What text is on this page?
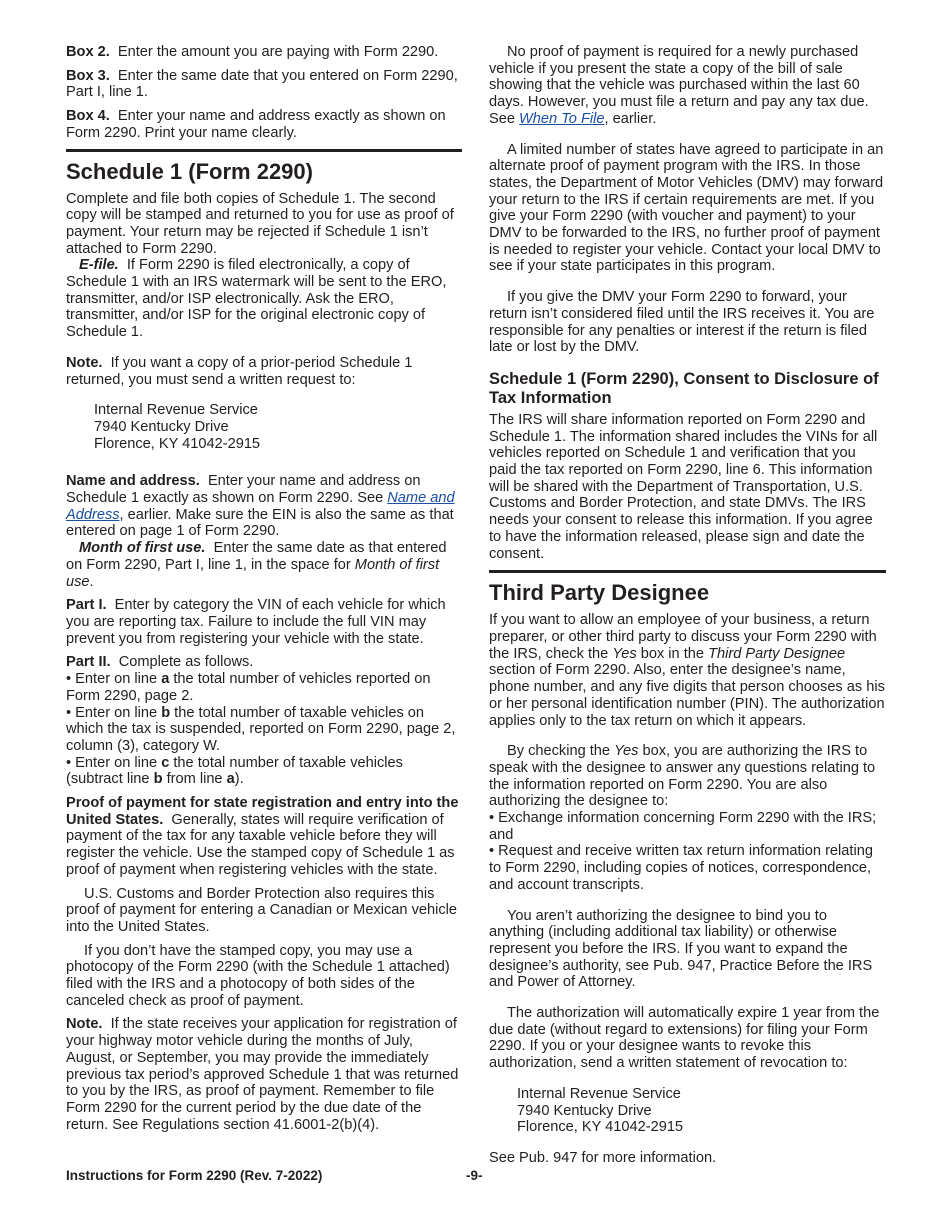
Box 2. Enter the amount you are paying with Form 2290.

Box 3. Enter the same date that you entered on Form 2290, Part I, line 1.

Box 4. Enter your name and address exactly as shown on Form 2290. Print your name clearly.

Schedule 1 (Form 2290)

Complete and file both copies of Schedule 1. The second copy will be stamped and returned to you for use as proof of payment. Your return may be rejected if Schedule 1 isn’t attached to Form 2290.

E-file. If Form 2290 is filed electronically, a copy of Schedule 1 with an IRS watermark will be sent to the ERO, transmitter, and/or ISP electronically. Ask the ERO, transmitter, and/or ISP for the original electronic copy of Schedule 1.

Note. If you want a copy of a prior-period Schedule 1 returned, you must send a written request to:

Internal Revenue Service

7940 Kentucky Drive

Florence, KY 41042-2915

Name and address. Enter your name and address on Schedule 1 exactly as shown on Form 2290. See Name and Address, earlier. Make sure the EIN is also the same as that entered on page 1 of Form 2290.

Month of first use. Enter the same date as that entered on Form 2290, Part I, line 1, in the space for Month of first use.

Part I. Enter by category the VIN of each vehicle for which you are reporting tax. Failure to include the full VIN may prevent you from registering your vehicle with the state.

Part II. Complete as follows.

• Enter on line a the total number of vehicles reported on Form 2290, page 2.

• Enter on line b the total number of taxable vehicles on which the tax is suspended, reported on Form 2290, page 2, column (3), category W.

• Enter on line c the total number of taxable vehicles (subtract line b from line a).

Proof of payment for state registration and entry into the United States. Generally, states will require verification of payment of the tax for any taxable vehicle before they will register the vehicle. Use the stamped copy of Schedule 1 as proof of payment when registering vehicles with the state.

U.S. Customs and Border Protection also requires this proof of payment for entering a Canadian or Mexican vehicle into the United States.

If you don’t have the stamped copy, you may use a photocopy of the Form 2290 (with the Schedule 1 attached) filed with the IRS and a photocopy of both sides of the canceled check as proof of payment.

Note. If the state receives your application for registration of your highway motor vehicle during the months of July, August, or September, you may provide the immediately previous tax period’s approved Schedule 1 that was returned to you by the IRS, as proof of payment. Remember to file Form 2290 for the current period by the due date of the return. See Regulations section 41.6001-2(b)(4).

No proof of payment is required for a newly purchased vehicle if you present the state a copy of the bill of sale showing that the vehicle was purchased within the last 60 days. However, you must file a return and pay any tax due. See When To File, earlier.

A limited number of states have agreed to participate in an alternate proof of payment program with the IRS. In those states, the Department of Motor Vehicles (DMV) may forward your return to the IRS if certain requirements are met. If you give your Form 2290 (with voucher and payment) to your DMV to be forwarded to the IRS, no further proof of payment is needed to register your vehicle. Contact your local DMV to see if your state participates in this program.

If you give the DMV your Form 2290 to forward, your return isn’t considered filed until the IRS receives it. You are responsible for any penalties or interest if the return is filed late or lost by the DMV.

Schedule 1 (Form 2290), Consent to Disclosure of Tax Information

The IRS will share information reported on Form 2290 and Schedule 1. The information shared includes the VINs for all vehicles reported on Schedule 1 and verification that you paid the tax reported on Form 2290, line 6. This information will be shared with the Department of Transportation, U.S. Customs and Border Protection, and state DMVs. The IRS needs your consent to release this information. If you agree to have the information released, please sign and date the consent.

Third Party Designee

If you want to allow an employee of your business, a return preparer, or other third party to discuss your Form 2290 with the IRS, check the Yes box in the Third Party Designee section of Form 2290. Also, enter the designee’s name, phone number, and any five digits that person chooses as his or her personal identification number (PIN). The authorization applies only to the tax return on which it appears.

By checking the Yes box, you are authorizing the IRS to speak with the designee to answer any questions relating to the information reported on Form 2290. You are also authorizing the designee to:

• Exchange information concerning Form 2290 with the IRS; and

• Request and receive written tax return information relating to Form 2290, including copies of notices, correspondence, and account transcripts.

You aren’t authorizing the designee to bind you to anything (including additional tax liability) or otherwise represent you before the IRS. If you want to expand the designee’s authority, see Pub. 947, Practice Before the IRS and Power of Attorney.

The authorization will automatically expire 1 year from the due date (without regard to extensions) for filing your Form 2290. If you or your designee wants to revoke this authorization, send a written statement of revocation to:

Internal Revenue Service

7940 Kentucky Drive

Florence, KY 41042-2915

See Pub. 947 for more information.

Instructions for Form 2290 (Rev. 7-2022)	-9-
